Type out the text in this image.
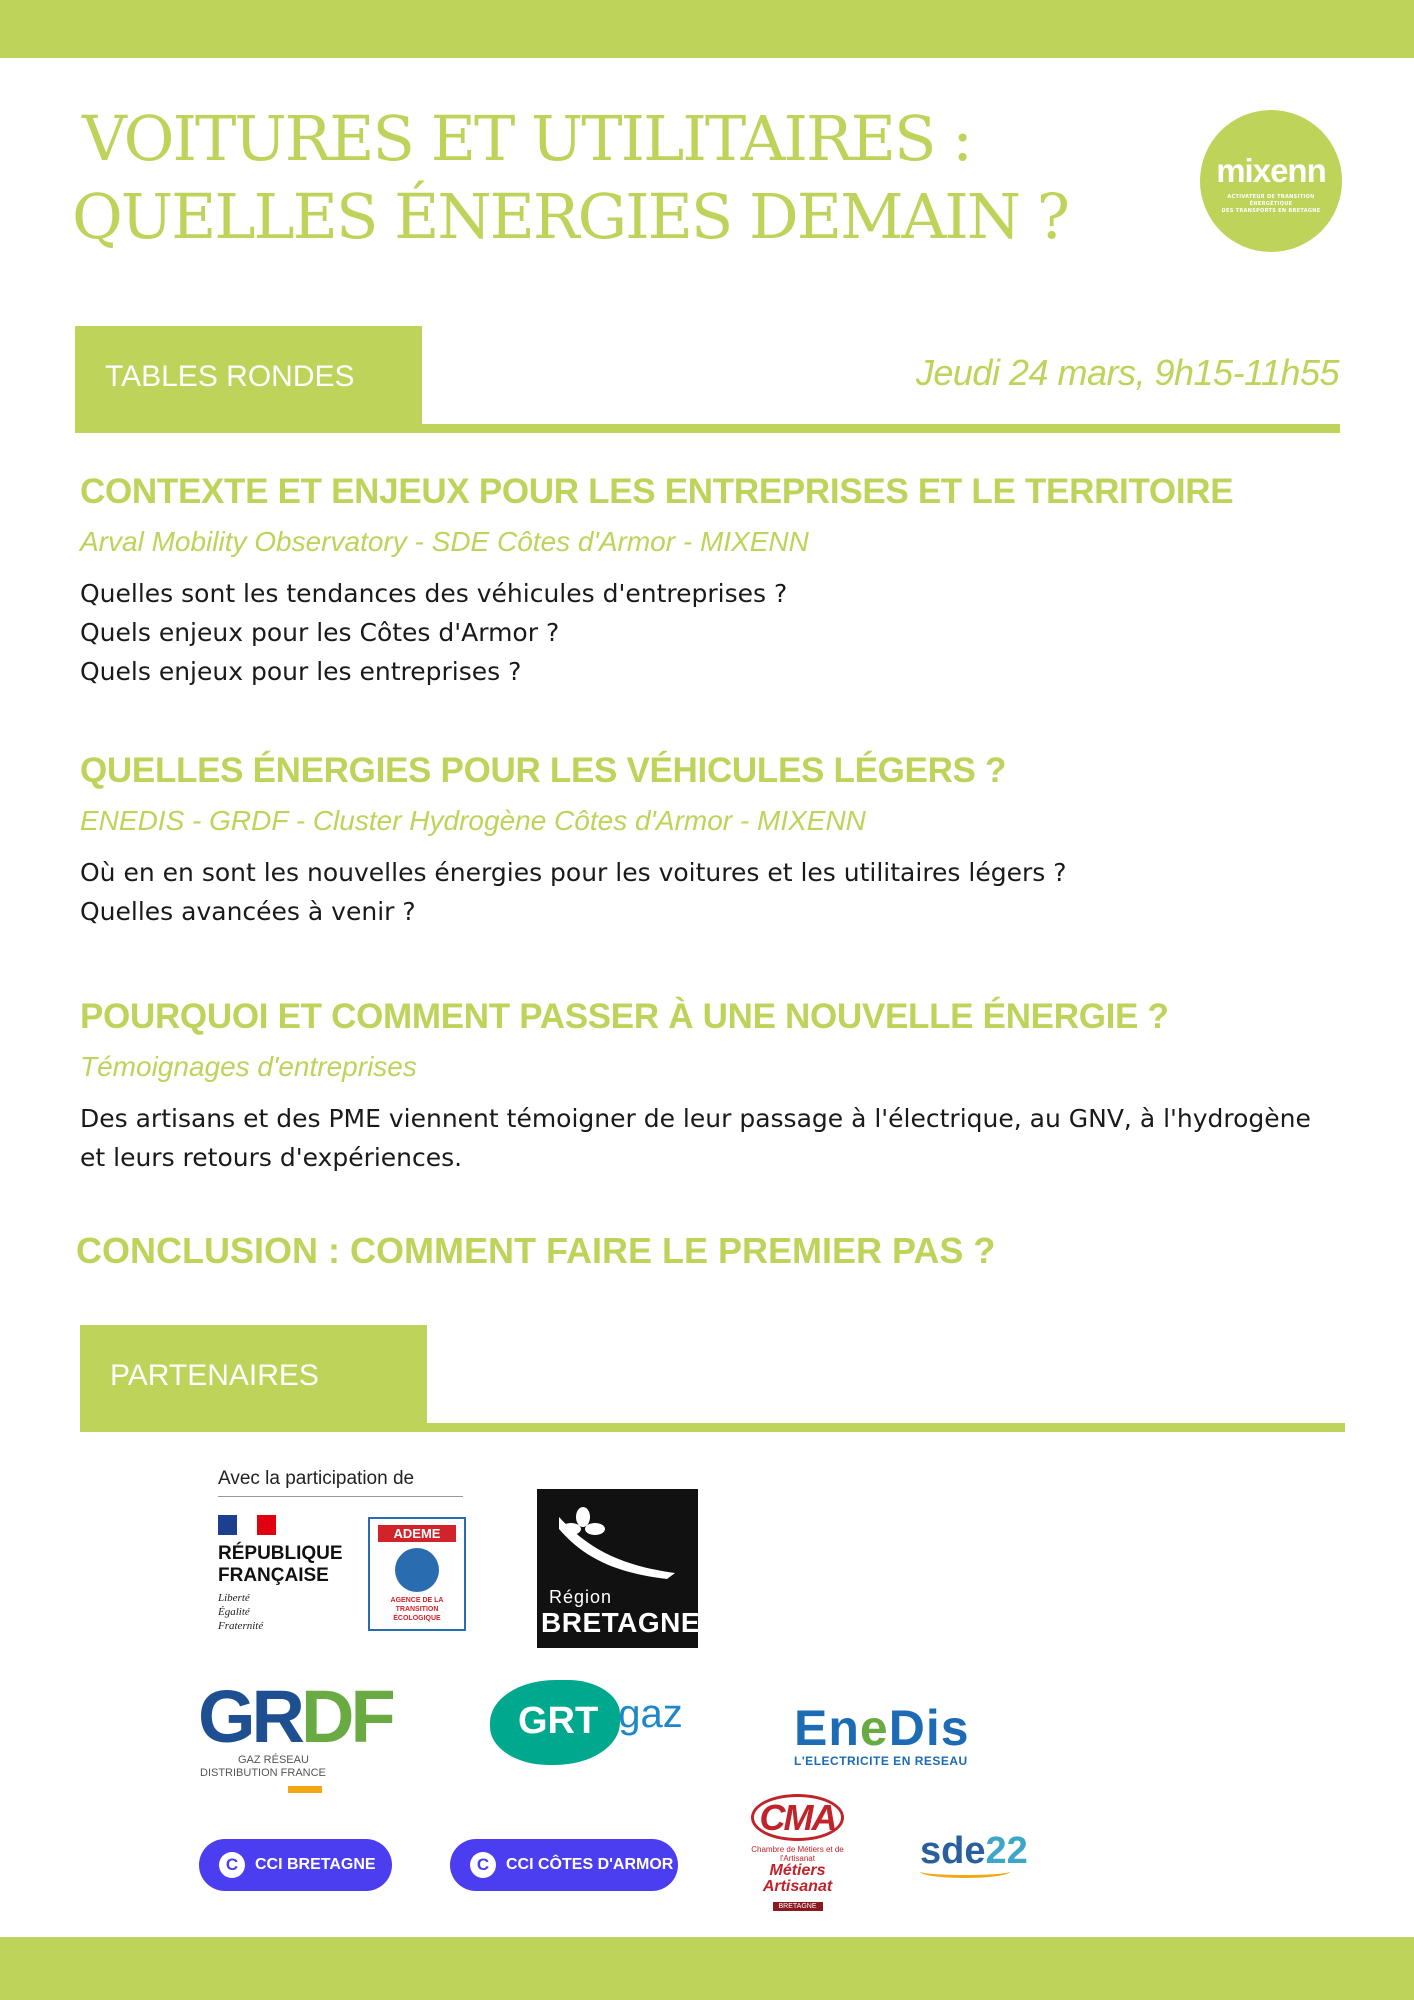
VOITURES ET UTILITAIRES :
QUELLES ÉNERGIES DEMAIN ?
mixenn
ACTIVATEUR DE TRANSITION ÉNERGÉTIQUE
DES TRANSPORTS EN BRETAGNE
TABLES RONDES	Jeudi 24 mars, 9h15-11h55
CONTEXTE ET ENJEUX POUR LES ENTREPRISES ET LE TERRITOIRE
Arval Mobility Observatory - SDE Côtes d'Armor - MIXENN
Quelles sont les tendances des véhicules d'entreprises ?
Quels enjeux pour les Côtes d'Armor ?
Quels enjeux pour les entreprises ?
QUELLES ÉNERGIES POUR LES VÉHICULES LÉGERS ?
ENEDIS - GRDF - Cluster Hydrogène Côtes d'Armor - MIXENN
Où en en sont les nouvelles énergies pour les voitures et les utilitaires légers ?
Quelles avancées à venir ?
POURQUOI ET COMMENT PASSER À UNE NOUVELLE ÉNERGIE ?
Témoignages d'entreprises
Des artisans et des PME viennent témoigner de leur passage à l'électrique, au GNV, à l'hydrogène et leurs retours d'expériences.
CONCLUSION : COMMENT FAIRE LE PREMIER PAS ?
PARTENAIRES
Avec la participation de
RÉPUBLIQUE
FRANÇAISE
Liberté
Égalité
Fraternité
ADEME
AGENCE DE LA
TRANSITION
ÉCOLOGIQUE
Région
BRETAGNE
GRDF
GAZ RÉSEAU
DISTRIBUTION FRANCE
GRT gaz EneDis
L'ELECTRICITE EN RESEAU
C	CCI BRETAGNE	C	CCI CÔTES D'ARMOR
CMA
Chambre de Métiers et de l'Artisanat
Métiers
Artisanat
BRETAGNE
sde22
